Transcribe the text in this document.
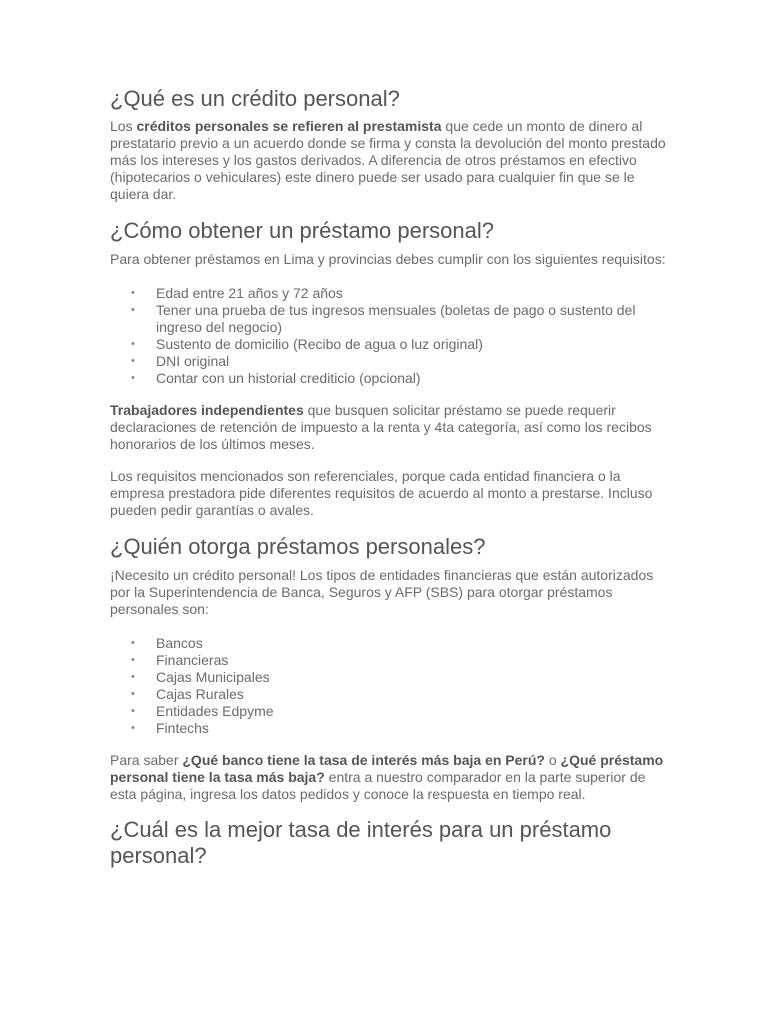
¿Qué es un crédito personal?

Los créditos personales se refieren al prestamista que cede un monto de dinero al prestatario previo a un acuerdo donde se firma y consta la devolución del monto prestado más los intereses y los gastos derivados. A diferencia de otros préstamos en efectivo (hipotecarios o vehiculares) este dinero puede ser usado para cualquier fin que se le quiera dar.

¿Cómo obtener un préstamo personal?

Para obtener préstamos en Lima y provincias debes cumplir con los siguientes requisitos:

• Edad entre 21 años y 72 años
• Tener una prueba de tus ingresos mensuales (boletas de pago o sustento del ingreso del negocio)
• Sustento de domicilio (Recibo de agua o luz original)
• DNI original
• Contar con un historial crediticio (opcional)

Trabajadores independientes que busquen solicitar préstamo se puede requerir declaraciones de retención de impuesto a la renta y 4ta categoría, así como los recibos honorarios de los últimos meses.

Los requisitos mencionados son referenciales, porque cada entidad financiera o la empresa prestadora pide diferentes requisitos de acuerdo al monto a prestarse. Incluso pueden pedir garantías o avales.

¿Quién otorga préstamos personales?

¡Necesito un crédito personal! Los tipos de entidades financieras que están autorizados por la Superintendencia de Banca, Seguros y AFP (SBS) para otorgar préstamos personales son:

• Bancos
• Financieras
• Cajas Municipales
• Cajas Rurales
• Entidades Edpyme
• Fintechs

Para saber ¿Qué banco tiene la tasa de interés más baja en Perú? o ¿Qué préstamo personal tiene la tasa más baja? entra a nuestro comparador en la parte superior de esta página, ingresa los datos pedidos y conoce la respuesta en tiempo real.

¿Cuál es la mejor tasa de interés para un préstamo personal?
